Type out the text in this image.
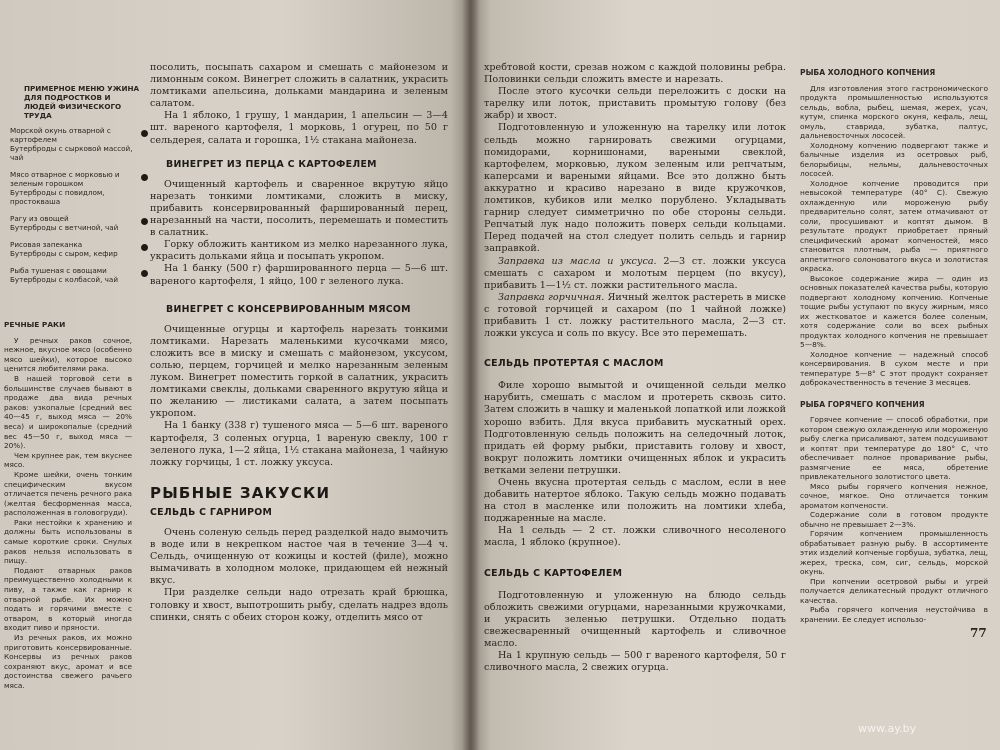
ПРИМЕРНОЕ МЕНЮ УЖИНА ДЛЯ ПОДРОСТКОВ И ЛЮДЕЙ ФИЗИЧЕСКОГО ТРУДА
Морской окунь отварной с картофелем
Бутерброды с сырковой массой, чай
Мясо отварное с морковью и зеленым горошком
Бутерброды с повидлом, простокваша
Рагу из овощей
Бутерброды с ветчиной, чай
Рисовая запеканка
Бутерброды с сыром, кефир
Рыба тушеная с овощами
Бутерброды с колбасой, чай
РЕЧНЫЕ РАКИ

У речных раков сочное, нежное, вкусное мясо (особенно мясо шейки), которое высоко ценится любителями рака.

В нашей торговой сети в большинстве случаев бывают в продаже два вида речных раков: узкопалые (средний вес 40—45 г, выход мяса — 20% веса) и широкопалые (средний вес 45—50 г, выход мяса — 20%).

Чем крупнее рак, тем вкуснее мясо.

Кроме шейки, очень тонким специфическим вкусом отличается печень речного рака (желтая бесформенная масса, расположенная в головогруди).

Раки нестойки к хранению и должны быть использованы в самые короткие сроки. Снулых раков нельзя использовать в пищу.

Подают отварных раков преимущественно холодными к пиву, а также как гарнир к отварной рыбе. Их можно подать и горячими вместе с отваром, в который иногда входит пиво и пряности.

Из речных раков, их можно приготовить консервированные. Консервы из речных раков сохраняют вкус, аромат и все достоинства свежего рачьего мяса.

посолить, посыпать сахаром и смешать с майонезом и лимонным соком. Винегрет сложить в салатник, украсить ломтиками апельсина, дольками мандарина и зеленым салатом.

На 1 яблоко, 1 грушу, 1 мандарин, 1 апельсин — 3—4 шт. вареного картофеля, 1 морковь, 1 огурец, по 50 г сельдерея, салата и горошка, 1½ стакана майонеза.

ВИНЕГРЕТ ИЗ ПЕРЦА С КАРТОФЕЛЕМ

Очищенный картофель и сваренное вкрутую яйцо нарезать тонкими ломтиками, сложить в миску, прибавить консервированный фаршированный перец, нарезанный на части, посолить, перемешать и поместить в салатник.

Горку обложить кантиком из мелко нарезанного лука, украсить дольками яйца и посыпать укропом.

На 1 банку (500 г) фаршированного перца — 5—6 шт. вареного картофеля, 1 яйцо, 100 г зеленого лука.

ВИНЕГРЕТ С КОНСЕРВИРОВАННЫМ МЯСОМ

Очищенные огурцы и картофель нарезать тонкими ломтиками. Нарезать маленькими кусочками мясо, сложить все в миску и смешать с майонезом, уксусом, солью, перцем, горчицей и мелко нарезанным зеленым луком. Винегрет поместить горкой в салатник, украсить ломтиками свеклы, дольками сваренного вкрутую яйца и по желанию — листиками салата, а затем посыпать укропом.

На 1 банку (338 г) тушеного мяса — 5—6 шт. вареного картофеля, 3 соленых огурца, 1 вареную свеклу, 100 г зеленого лука, 1—2 яйца, 1½ стакана майонеза, 1 чайную ложку горчицы, 1 ст. ложку уксуса.

РЫБНЫЕ ЗАКУСКИ
СЕЛЬДЬ С ГАРНИРОМ

Очень соленую сельдь перед разделкой надо вымочить в воде или в некрепком настое чая в течение 3—4 ч. Сельдь, очищенную от кожицы и костей (филе), можно вымачивать в холодном молоке, придающем ей нежный вкус.

При разделке сельди надо отрезать край брюшка, головку и хвост, выпотрошить рыбу, сделать надрез вдоль спинки, снять с обеих сторон кожу, отделить мясо от

хребтовой кости, срезав ножом с каждой половины ребра. Половинки сельди сложить вместе и нарезать.

После этого кусочки сельди переложить с доски на тарелку или лоток, приставить промытую голову (без жабр) и хвост.

Подготовленную и уложенную на тарелку или лоток сельдь можно гарнировать свежими огурцами, помидорами, корнишонами, вареными свеклой, картофелем, морковью, луком зеленым или репчатым, каперсами и вареными яйцами. Все это должно быть аккуратно и красиво нарезано в виде кружочков, ломтиков, кубиков или мелко порублено. Укладывать гарнир следует симметрично по обе стороны сельди. Репчатый лук надо положить поверх сельди кольцами. Перед подачей на стол следует полить сельдь и гарнир заправкой.

Заправка из масла и уксуса. 2—3 ст. ложки уксуса смешать с сахаром и молотым перцем (по вкусу), прибавить 1—1½ ст. ложки растительного масла.

Заправка горчичная. Яичный желток растереть в миске с готовой горчицей и сахаром (по 1 чайной ложке) прибавить 1 ст. ложку растительного масла, 2—3 ст. ложки уксуса и соль по вкусу. Все это перемешать.

СЕЛЬДЬ ПРОТЕРТАЯ С МАСЛОМ

Филе хорошо вымытой и очищенной сельди мелко нарубить, смешать с маслом и протереть сквозь сито. Затем сложить в чашку и маленькой лопаткой или ложкой хорошо взбить. Для вкуса прибавить мускатный орех. Подготовленную сельдь положить на селедочный лоток, придать ей форму рыбки, приставить голову и хвост, вокруг положить ломтики очищенных яблок и украсить ветками зелени петрушки.

Очень вкусна протертая сельдь с маслом, если в нее добавить натертое яблоко. Такую сельдь можно подавать на стол в масленке или положить на ломтики хлеба, поджаренные на масле.

На 1 сельдь — 2 ст. ложки сливочного несоленого масла, 1 яблоко (крупное).

СЕЛЬДЬ С КАРТОФЕЛЕМ

Подготовленную и уложенную на блюдо сельдь обложить свежими огурцами, нарезанными кружочками, и украсить зеленью петрушки. Отдельно подать свежесваренный очищенный картофель и сливочное масло.

На 1 крупную сельдь — 500 г вареного картофеля, 50 г сливочного масла, 2 свежих огурца.

РЫБА ХОЛОДНОГО КОПЧЕНИЯ

Для изготовления этого гастрономического продукта промышленностью используются сельдь, вобла, рыбец, шемая, жерех, усач, кутум, спинка морского окуня, кефаль, лещ, омуль, ставрида, зубатка, палтус, дальневосточных лососей.

Холодному копчению подвергают также и балычные изделия из осетровых рыб, белорыбицы, нельмы, дальневосточных лососей.

Холодное копчение проводится при невысокой температуре (40° С). Свежую охлажденную или мороженую рыбу предварительно солят, затем отмачивают от соли, просушивают и коптят дымом. В результате продукт приобретает пряный специфический аромат копченостей, мясо становится плотным, рыба — приятного аппетитного солоноватого вкуса и золотистая окраска.

Высокое содержание жира — один из основных показателей качества рыбы, которую подвергают холодному копчению. Копченые тощие рыбы уступают по вкусу жирным, мясо их жестковатое и кажется более соленым, хотя содержание соли во всех рыбных продуктах холодного копчения не превышает 5—8%.

Холодное копчение — надежный способ консервирования. В сухом месте и при температуре 5—8° С этот продукт сохраняет доброкачественность в течение 3 месяцев.

РЫБА ГОРЯЧЕГО КОПЧЕНИЯ

Горячее копчение — способ обработки, при котором свежую охлажденную или мороженую рыбу слегка присаливают, затем подсушивают и коптят при температуре до 180° С, что обеспечивает полное проваривание рыбы, размягчение ее мяса, обретение привлекательного золотистого цвета.

Мясо рыбы горячего копчения нежное, сочное, мягкое. Оно отличается тонким ароматом копчености.

Содержание соли в готовом продукте обычно не превышает 2—3%.

Горячим копчением промышленность обрабатывает разную рыбу. В ассортименте этих изделий копченые горбуша, зубатка, лещ, жерех, треска, сом, сиг, сельдь, морской окунь.

При копчении осетровой рыбы и угрей получается деликатесный продукт отличного качества.

Рыба горячего копчения неустойчива в хранении. Ее следует использо-

77
www.ay.by
